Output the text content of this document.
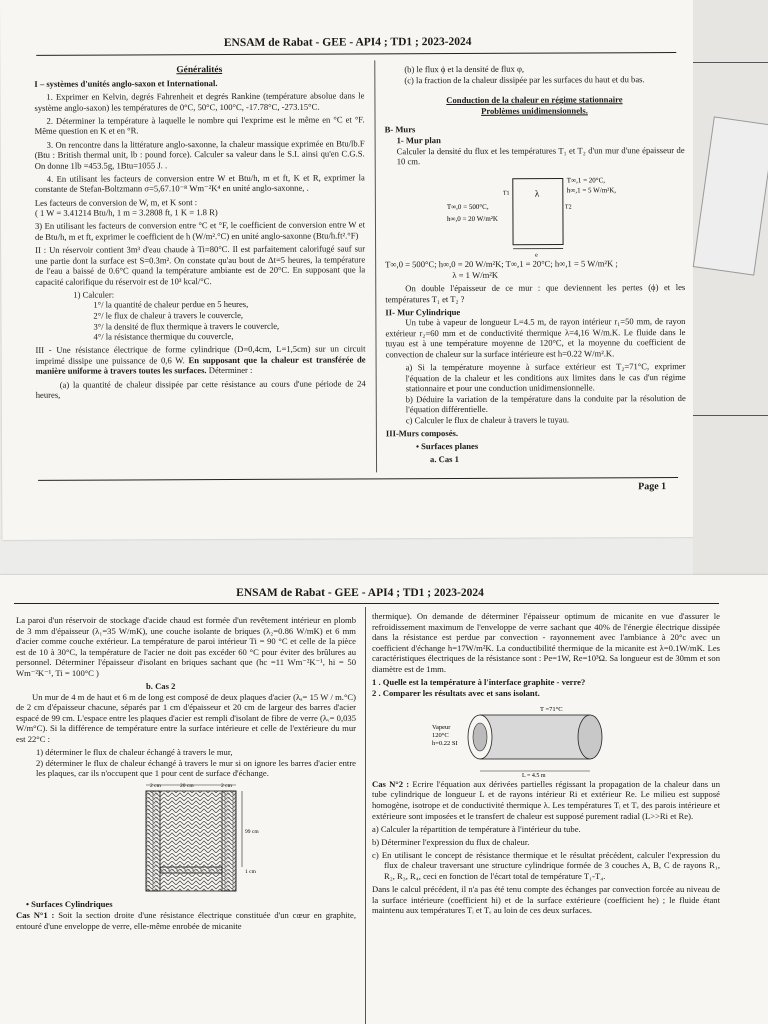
ENSAM de Rabat - GEE - API4 ; TD1 ; 2023-2024

Généralités

I – systèmes d'unités anglo-saxon et International.

1. Exprimer en Kelvin, degrés Fahrenheit et degrés Rankine (température absolue dans le système anglo-saxon) les températures de 0°C, 50°C, 100°C, -17.78°C, -273.15°C.

2. Déterminer la température à laquelle le nombre qui l'exprime est le même en °C et °F. Même question en K et en °R.

3. On rencontre dans la littérature anglo-saxonne, la chaleur massique exprimée en Btu/lb.F (Btu : British thermal unit, lb : pound force). Calculer sa valeur dans le S.I. ainsi qu'en C.G.S. On donne 1lb =453.5g, 1Btu=1055 J. .

4. En utilisant les facteurs de conversion entre W et Btu/h, m et ft, K et R, exprimer la constante de Stefan-Boltzmann σ=5,67.10⁻⁸ Wm⁻²K⁴ en unité anglo-saxonne, .

Les facteurs de conversion de W, m, et K sont :

( 1 W = 3.41214 Btu/h, 1 m = 3.2808 ft, 1 K = 1.8 R)

3) En utilisant les facteurs de conversion entre °C et °F, le coefficient de conversion entre W et de Btu/h, m et ft, exprimer le coefficient de h (W/m².°C) en unité anglo-saxonne (Btu/h.ft².°F)

II : Un réservoir contient 3m³ d'eau chaude à Ti=80°C. Il est parfaitement calorifugé sauf sur une partie dont la surface est S=0.3m². On constate qu'au bout de Δt=5 heures, la température de l'eau a baissé de 0.6°C quand la température ambiante est de 20°C. En supposant que la capacité calorifique du réservoir est de 10³ kcal/°C.

1) Calculer:

1°/ la quantité de chaleur perdue en 5 heures,

2°/ le flux de chaleur à travers le couvercle,

3°/ la densité de flux thermique à travers le couvercle,

4°/ la résistance thermique du couvercle,

III - Une résistance électrique de forme cylindrique (D=0,4cm, L=1,5cm) sur un circuit imprimé dissipe une puissance de 0,6 W. En supposant que la chaleur est transférée de manière uniforme à travers toutes les surfaces. Déterminer :

(a) la quantité de chaleur dissipée par cette résistance au cours d'une période de 24 heures,

(b) le flux ϕ et la densité de flux φ,

(c) la fraction de la chaleur dissipée par les surfaces du haut et du bas.

Conduction de la chaleur en régime stationnaire

Problèmes unidimensionnels.

B- Murs

1- Mur plan

Calculer la densité du flux et les températures T₁ et T₂ d'un mur d'une épaisseur de 10 cm.

λ
T1
T2
e
T∞,1 = 20°C,
h∞,1 = 5 W/m²K,
T∞,0 = 500°C,
h∞,0 = 20 W/m²K

T∞,0 = 500°C; h∞,0 = 20 W/m²K; T∞,1 = 20°C; h∞,1 = 5 W/m²K ;

λ = 1 W/m²K

On double l'épaisseur de ce mur : que deviennent les pertes (ϕ) et les températures T₁ et T₂ ?

II- Mur Cylindrique

Un tube à vapeur de longueur L=4.5 m, de rayon intérieur r₁=50 mm, de rayon extérieur r₂=60 mm et de conductivité thermique λ=4,16 W/m.K. Le fluide dans le tuyau est à une température moyenne de 120°C, et la moyenne du coefficient de convection de chaleur sur la surface intérieure est h=0.22 W/m².K.

a) Si la température moyenne à surface extérieur est T₂=71°C, exprimer l'équation de la chaleur et les conditions aux limites dans le cas d'un régime stationnaire et pour une conduction unidimensionnelle.

b) Déduire la variation de la température dans la conduite par la résolution de l'équation différentielle.

c) Calculer le flux de chaleur à travers le tuyau.

III-Murs composés.

• Surfaces planes

a. Cas 1

Page 1
ENSAM de Rabat - GEE - API4 ; TD1 ; 2023-2024

La paroi d'un réservoir de stockage d'acide chaud est formée d'un revêtement intérieur en plomb de 3 mm d'épaisseur (λ₁=35 W/mK), une couche isolante de briques (λ₂=0.86 W/mK) et 6 mm d'acier comme couche extérieur. La température de paroi intérieur Ti = 90 °C et celle de la pièce est de 10 à 30°C, la température de l'acier ne doit pas excéder 60 °C pour éviter des brûlures au personnel. Déterminer l'épaisseur d'isolant en briques sachant que (hc =11 Wm⁻²K⁻¹, hi = 50 Wm⁻²K⁻¹, Ti = 100°C )

b. Cas 2

Un mur de 4 m de haut et 6 m de long est composé de deux plaques d'acier (λₐ= 15 W / m.°C) de 2 cm d'épaisseur chacune, séparés par 1 cm d'épaisseur et 20 cm de largeur des barres d'acier espacé de 99 cm. L'espace entre les plaques d'acier est rempli d'isolant de fibre de verre (λᵥ= 0,035 W/m°C). Si la différence de température entre la surface intérieure et celle de l'extérieure du mur est 22°C :

1) déterminer le flux de chaleur échangé à travers le mur,

2) déterminer le flux de chaleur échangé à travers le mur si on ignore les barres d'acier entre les plaques, car ils n'occupent que 1 pour cent de surface d'échange.

2 cm	20 cm	2 cm
99 cm
1 cm

• Surfaces Cylindriques

Cas N°1 : Soit la section droite d'une résistance électrique constituée d'un cœur en graphite, entouré d'une enveloppe de verre, elle-même enrobée de micanite

thermique). On demande de déterminer l'épaisseur optimum de micanite en vue d'assurer le refroidissement maximum de l'enveloppe de verre sachant que 40% de l'énergie électrique dissipée dans la résistance est perdue par convection - rayonnement avec l'ambiance à 20°c avec un coefficient d'échange h=17W/m²K. La conductibilité thermique de la micanite est λ=0.1W/mK. Les caractéristiques électriques de la résistance sont : Pe=1W, Re=10³Ω. Sa longueur est de 30mm et son diamètre est de 1mm.

1 . Quelle est la température à l'interface graphite - verre?

2 . Comparer les résultats avec et sans isolant.

L = 4.5 m
T =71°C
Vapeur
120°C
h=0.22 SI

Cas N°2 : Ecrire l'équation aux dérivées partielles régissant la propagation de la chaleur dans un tube cylindrique de longueur L et de rayons intérieur Ri et extérieur Re. Le milieu est supposé homogène, isotrope et de conductivité thermique λ. Les températures Tᵢ et Tₑ des parois intérieure et extérieure sont imposées et le transfert de chaleur est supposé purement radial (L>>Ri et Re).

a) Calculer la répartition de température à l'intérieur du tube.

b) Déterminer l'expression du flux de chaleur.

c) En utilisant le concept de résistance thermique et le résultat précédent, calculer l'expression du flux de chaleur traversant une structure cylindrique formée de 3 couches A, B, C de rayons R₁, R₂, R₃, R₄, ceci en fonction de l'écart total de température T₁-T₄.

Dans le calcul précédent, il n'a pas été tenu compte des échanges par convection forcée au niveau de la surface intérieure (coefficient hi) et de la surface extérieure (coefficient he) ; le fluide étant maintenu aux températures Tᵢ et Tₑ au loin de ces deux surfaces.
